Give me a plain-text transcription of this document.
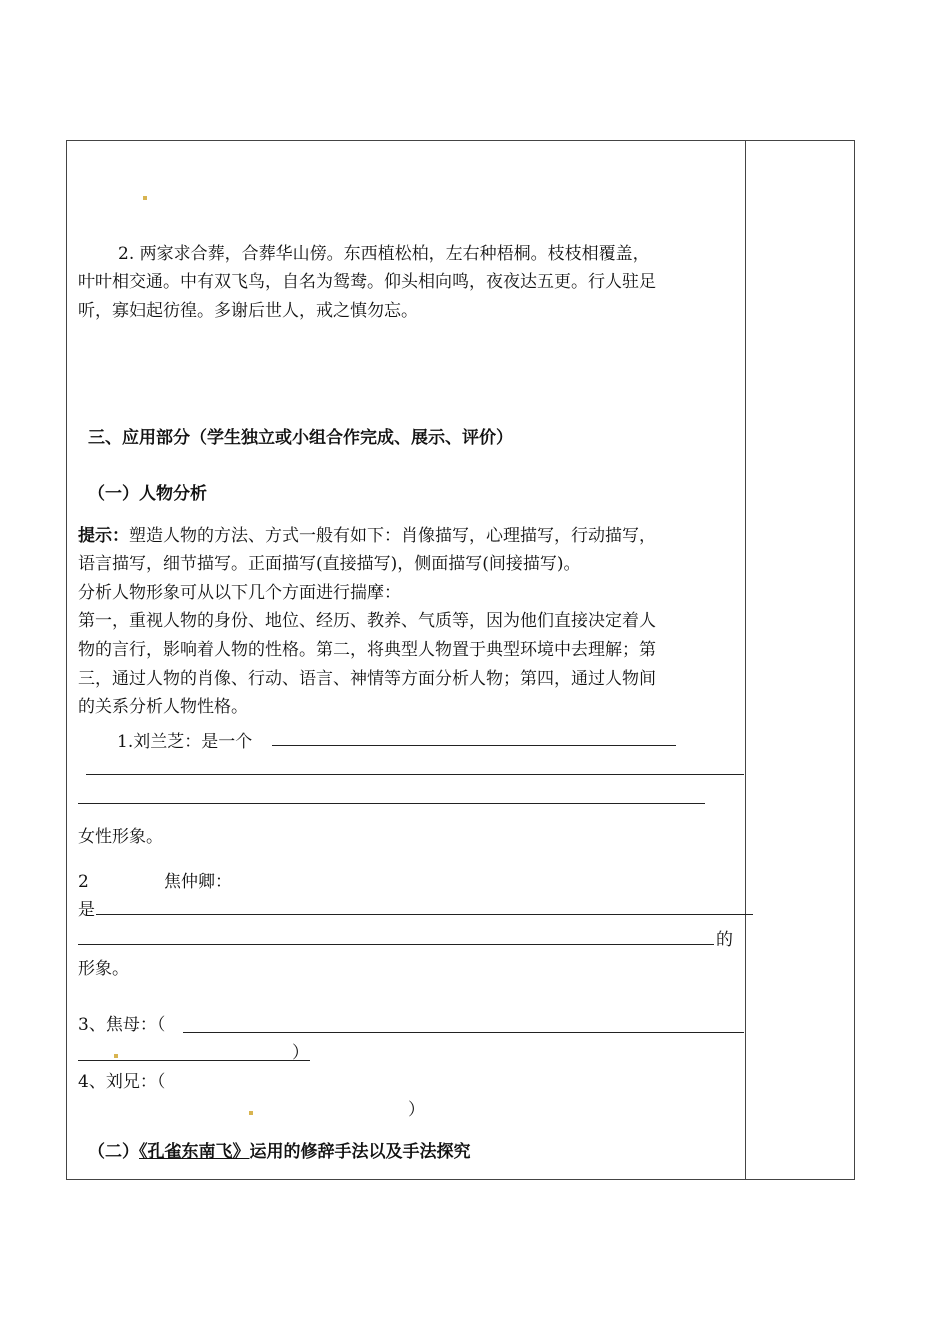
2. 两家求合葬，合葬华山傍。东西植松柏，左右种梧桐。枝枝相覆盖，
叶叶相交通。中有双飞鸟，自名为鸳鸯。仰头相向鸣，夜夜达五更。行人驻足
听，寡妇起彷徨。多谢后世人，戒之慎勿忘。
三、应用部分（学生独立或小组合作完成、展示、评价）
（一）人物分析
提示：塑造人物的方法、方式一般有如下：肖像描写，心理描写，行动描写，
语言描写，细节描写。正面描写(直接描写)，侧面描写(间接描写)。
分析人物形象可从以下几个方面进行揣摩：
第一，重视人物的身份、地位、经历、教养、气质等，因为他们直接决定着人
物的言行，影响着人物的性格。第二，将典型人物置于典型环境中去理解；第
三，通过人物的肖像、行动、语言、神情等方面分析人物；第四，通过人物间
的关系分析人物性格。
1.刘兰芝：是一个
女性形象。
2	焦仲卿：
是
的
形象。
3、焦母：（
）
4、刘兄：（
）
（二）《孔雀东南飞》运用的修辞手法以及手法探究
